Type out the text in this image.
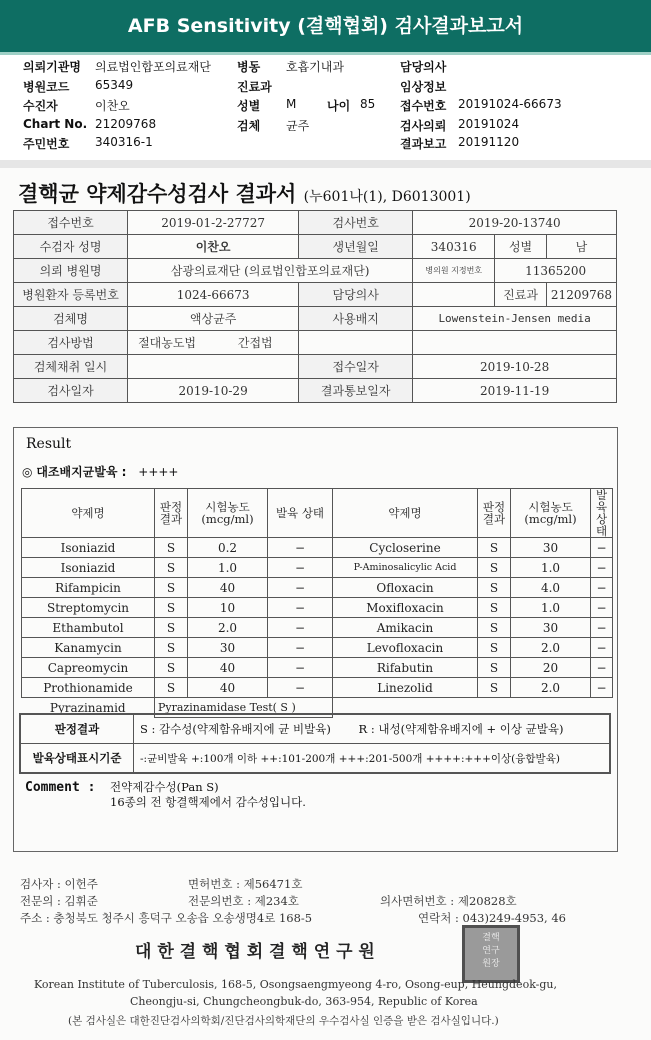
AFB Sensitivity (결핵협회) 검사결과보고서
의뢰기관명 의료법인합포의료재단 병동 호흡기내과	담당의사
병원코드 65349	진료과	임상정보
수진자	이찬오	성별 M	나이 85 접수번호 20191024-66673
Chart No. 21209768	검체 균주	검사의뢰 20191024
주민번호 340316-1	결과보고 20191120
결핵균 약제감수성검사 결과서 (누601나(1), D6013001)
접수번호	2019-01-2-27727	검사번호	2019-20-13740		
수검자 성명	이찬오	생년월일	340316	성별	남
의뢰 병원명	삼광의료재단 (의료법인합포의료재단)		병의원 지정번호	11365200	
병원환자 등록번호	1024-66673	담당의사		진료과	21209768
검체명	액상균주	사용배지	Lowenstein-Jensen media		
검사방법	절대농도법 간접법				
검체채취 일시		접수일자	2019-10-28		
검사일자	2019-10-29	결과통보일자	2019-11-19		
Result
◎ 대조배지균발육 : ++++
약제명	판정 결과	시험농도 (mcg/ml)	발육 상태	약제명	판정 결과	시험농도 (mcg/ml)	발육 상태
Isoniazid	S	0.2	−	Cycloserine	S	30	−
Isoniazid	S	1.0	−	P-Aminosalicylic Acid	S	1.0	−
Rifampicin	S	40	−	Ofloxacin	S	4.0	−
Streptomycin	S	10	−	Moxifloxacin	S	1.0	−
Ethambutol	S	2.0	−	Amikacin	S	30	−
Kanamycin	S	30	−	Levofloxacin	S	2.0	−
Capreomycin	S	40	−	Rifabutin	S	20	−
Prothionamide	S	40	−	Linezolid	S	2.0	−
Pyrazinamid	Pyrazinamidase Test( S )						
판정결과	S : 감수성(약제함유배지에 균 비발육) R : 내성(약제함유배지에 + 이상 균발육)
발육상태표시기준	-:균비발육 +:100개 이하 ++:101-200개 +++:201-500개 ++++:+++이상(융합발육)
Comment : 전약제감수성(Pan S)
16종의 전 항결핵제에서 감수성입니다.
검사자 : 이헌주	면허번호 : 제56471호
전문의 : 김휘준	전문의번호 : 제234호	의사면허번호 : 제20828호
주소 : 충청북도 청주시 흥덕구 오송읍 오송생명4로 168-5	연락처 : 043)249-4953, 46
대 한 결 핵 협 회 결 핵 연 구 원
결핵
연구
원장
Korean Institute of Tuberculosis, 168-5, Osongsaengmyeong 4-ro, Osong-eup, Heungdeok-gu,
Cheongju-si, Chungcheongbuk-do, 363-954, Republic of Korea
(본 검사실은 대한진단검사의학회/진단검사의학재단의 우수검사실 인증을 받은 검사실입니다.)
